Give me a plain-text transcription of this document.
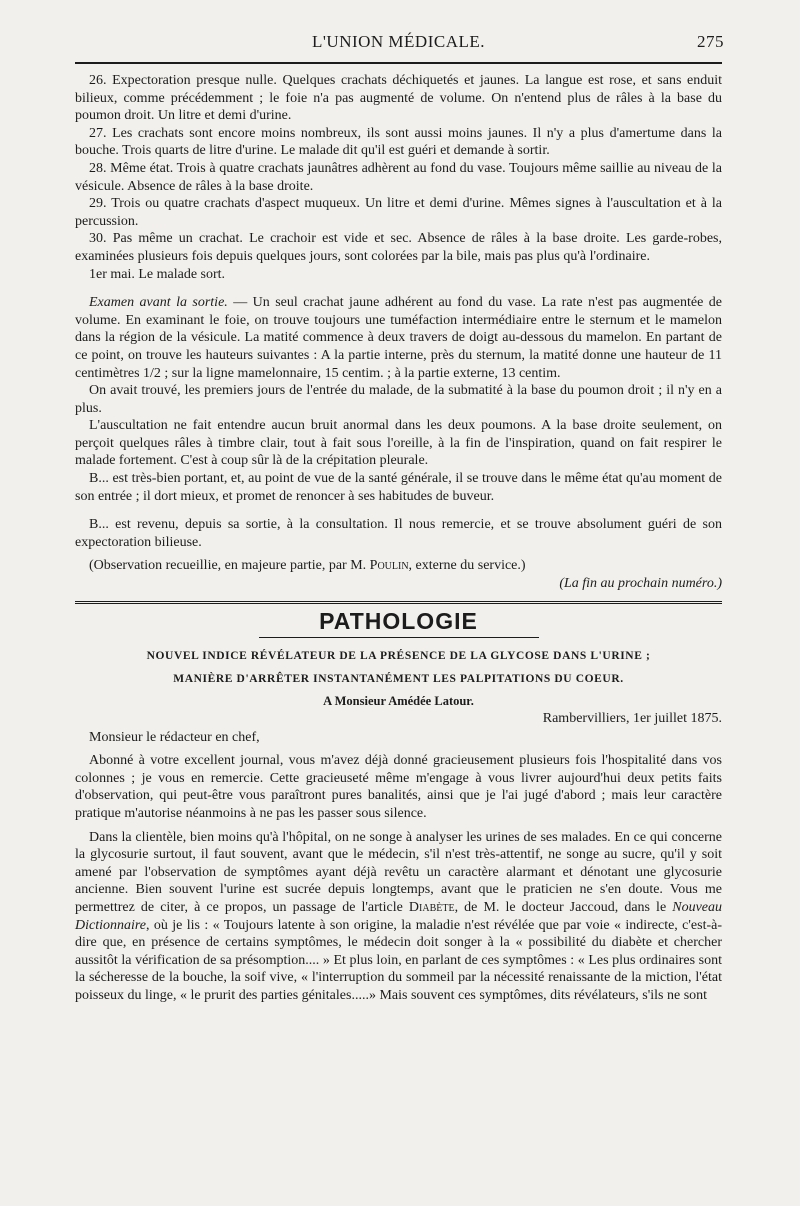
L'UNION MÉDICALE.	275

26. Expectoration presque nulle. Quelques crachats déchiquetés et jaunes. La langue est rose, et sans enduit bilieux, comme précédemment ; le foie n'a pas augmenté de volume. On n'entend plus de râles à la base du poumon droit. Un litre et demi d'urine.

27. Les crachats sont encore moins nombreux, ils sont aussi moins jaunes. Il n'y a plus d'amertume dans la bouche. Trois quarts de litre d'urine. Le malade dit qu'il est guéri et demande à sortir.

28. Même état. Trois à quatre crachats jaunâtres adhèrent au fond du vase. Toujours même saillie au niveau de la vésicule. Absence de râles à la base droite.

29. Trois ou quatre crachats d'aspect muqueux. Un litre et demi d'urine. Mêmes signes à l'auscultation et à la percussion.

30. Pas même un crachat. Le crachoir est vide et sec. Absence de râles à la base droite. Les garde-robes, examinées plusieurs fois depuis quelques jours, sont colorées par la bile, mais pas plus qu'à l'ordinaire.

1er mai. Le malade sort.

Examen avant la sortie. — Un seul crachat jaune adhérent au fond du vase. La rate n'est pas augmentée de volume. En examinant le foie, on trouve toujours une tuméfaction intermédiaire entre le sternum et le mamelon dans la région de la vésicule. La matité commence à deux travers de doigt au-dessous du mamelon. En partant de ce point, on trouve les hauteurs suivantes : A la partie interne, près du sternum, la matité donne une hauteur de 11 centimètres 1/2 ; sur la ligne mamelonnaire, 15 centim. ; à la partie externe, 13 centim.

On avait trouvé, les premiers jours de l'entrée du malade, de la submatité à la base du poumon droit ; il n'y en a plus.

L'auscultation ne fait entendre aucun bruit anormal dans les deux poumons. A la base droite seulement, on perçoit quelques râles à timbre clair, tout à fait sous l'oreille, à la fin de l'inspiration, quand on fait respirer le malade fortement. C'est à coup sûr là de la crépitation pleurale.

B... est très-bien portant, et, au point de vue de la santé générale, il se trouve dans le même état qu'au moment de son entrée ; il dort mieux, et promet de renoncer à ses habitudes de buveur.

B... est revenu, depuis sa sortie, à la consultation. Il nous remercie, et se trouve absolument guéri de son expectoration bilieuse.

(Observation recueillie, en majeure partie, par M. Poulin, externe du service.)

(La fin au prochain numéro.)

PATHOLOGIE
NOUVEL INDICE RÉVÉLATEUR DE LA PRÉSENCE DE LA GLYCOSE DANS L'URINE ;
MANIÈRE D'ARRÊTER INSTANTANÉMENT LES PALPITATIONS DU COEUR.
A Monsieur Amédée Latour.
Rambervilliers, 1er juillet 1875.

Monsieur le rédacteur en chef,

Abonné à votre excellent journal, vous m'avez déjà donné gracieusement plusieurs fois l'hospitalité dans vos colonnes ; je vous en remercie. Cette gracieuseté même m'engage à vous livrer aujourd'hui deux petits faits d'observation, qui peut-être vous paraîtront pures banalités, ainsi que je l'ai jugé d'abord ; mais leur caractère pratique m'autorise néanmoins à ne pas les passer sous silence.

Dans la clientèle, bien moins qu'à l'hôpital, on ne songe à analyser les urines de ses malades. En ce qui concerne la glycosurie surtout, il faut souvent, avant que le médecin, s'il n'est très-attentif, ne songe au sucre, qu'il y soit amené par l'observation de symptômes ayant déjà revêtu un caractère alarmant et dénotant une glycosurie ancienne. Bien souvent l'urine est sucrée depuis longtemps, avant que le praticien ne s'en doute. Vous me permettrez de citer, à ce propos, un passage de l'article Diabète, de M. le docteur Jaccoud, dans le Nouveau Dictionnaire, où je lis : « Toujours latente à son origine, la maladie n'est révélée que par voie « indirecte, c'est-à-dire que, en présence de certains symptômes, le médecin doit songer à la « possibilité du diabète et chercher aussitôt la vérification de sa présomption.... » Et plus loin, en parlant de ces symptômes : « Les plus ordinaires sont la sécheresse de la bouche, la soif vive, « l'interruption du sommeil par la nécessité renaissante de la miction, l'état poisseux du linge, « le prurit des parties génitales.....» Mais souvent ces symptômes, dits révélateurs, s'ils ne sont
